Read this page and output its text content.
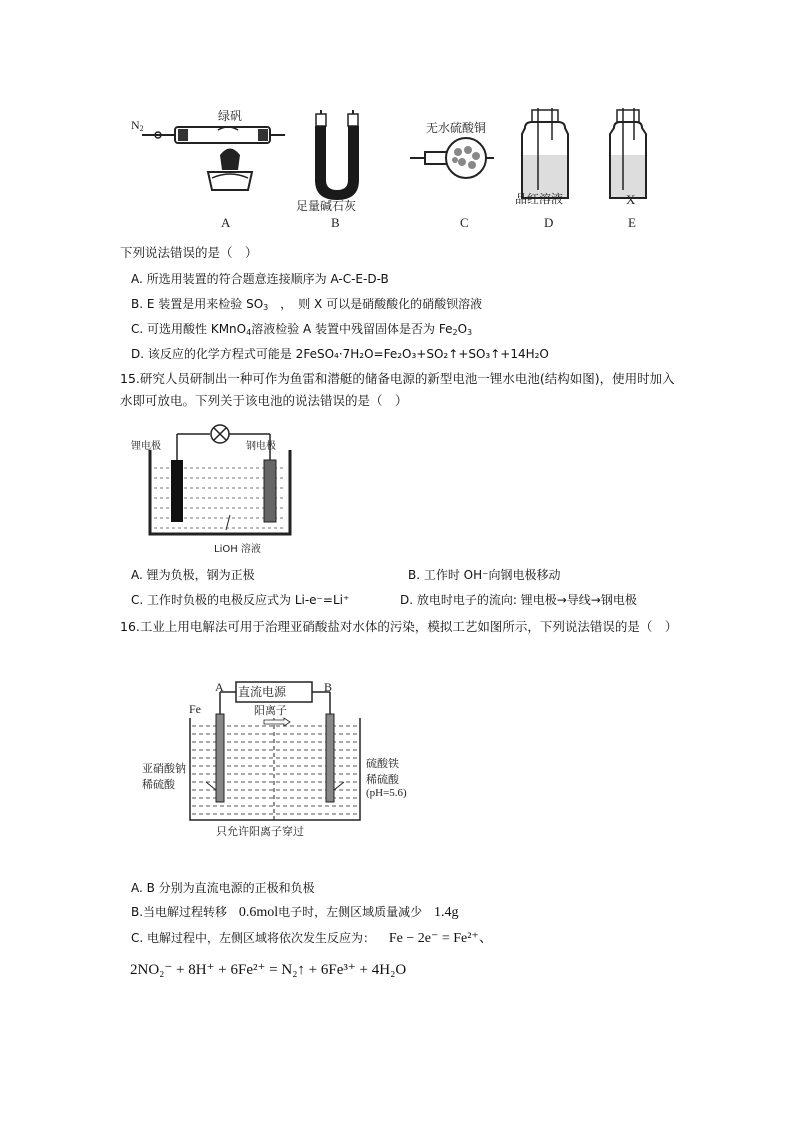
$N_2$
绿矾
足量碱石灰
无水硫酸铜
品红溶液	X
A	B	C	D	E
下列说法错误的是（　）
A. 所选用装置的符合题意连接顺序为 A-C-E-D-B
B. E 装置是用来检验 $SO_3$　，　则 X 可以是硝酸酸化的硝酸钡溶液
C. 可选用酸性 KMnO$_4$溶液检验 A 装置中残留固体是否为 $Fe_2O_3$
D. 该反应的化学方程式可能是 2FeSO₄·7H₂O=Fe₂O₃+SO₂↑+SO₃↑+14H₂O
15.研究人员研制出一种可作为鱼雷和潜艇的储备电源的新型电池一锂水电池(结构如图)，使用时加入水即可放电。下列关于该电池的说法错误的是（　）
锂电极	钢电极
LiOH 溶液
A. 锂为负极，钢为正极	B. 工作时 OH⁻向钢电极移动
C. 工作时负极的电极反应式为 Li-e⁻=Li⁺	D. 放电时电子的流向: 锂电极→导线→钢电极
16.工业上用电解法可用于治理亚硝酸盐对水体的污染，模拟工艺如图所示，下列说法错误的是（　）
直流电源
A	B
Fe	阳离子
亚硝酸钠
稀硫酸
硫酸铁
稀硫酸
(pH=5.6)
只允许阳离子穿过
A. B 分别为直流电源的正极和负极
B.当电解过程转移 0.6mol电子时，左侧区域质量减少 1.4g
C. 电解过程中，左侧区域将依次发生反应为： Fe − 2e⁻ = Fe²⁺、
2NO₂⁻ + 8H⁺ + 6Fe²⁺ = N₂↑ + 6Fe³⁺ + 4H₂O
